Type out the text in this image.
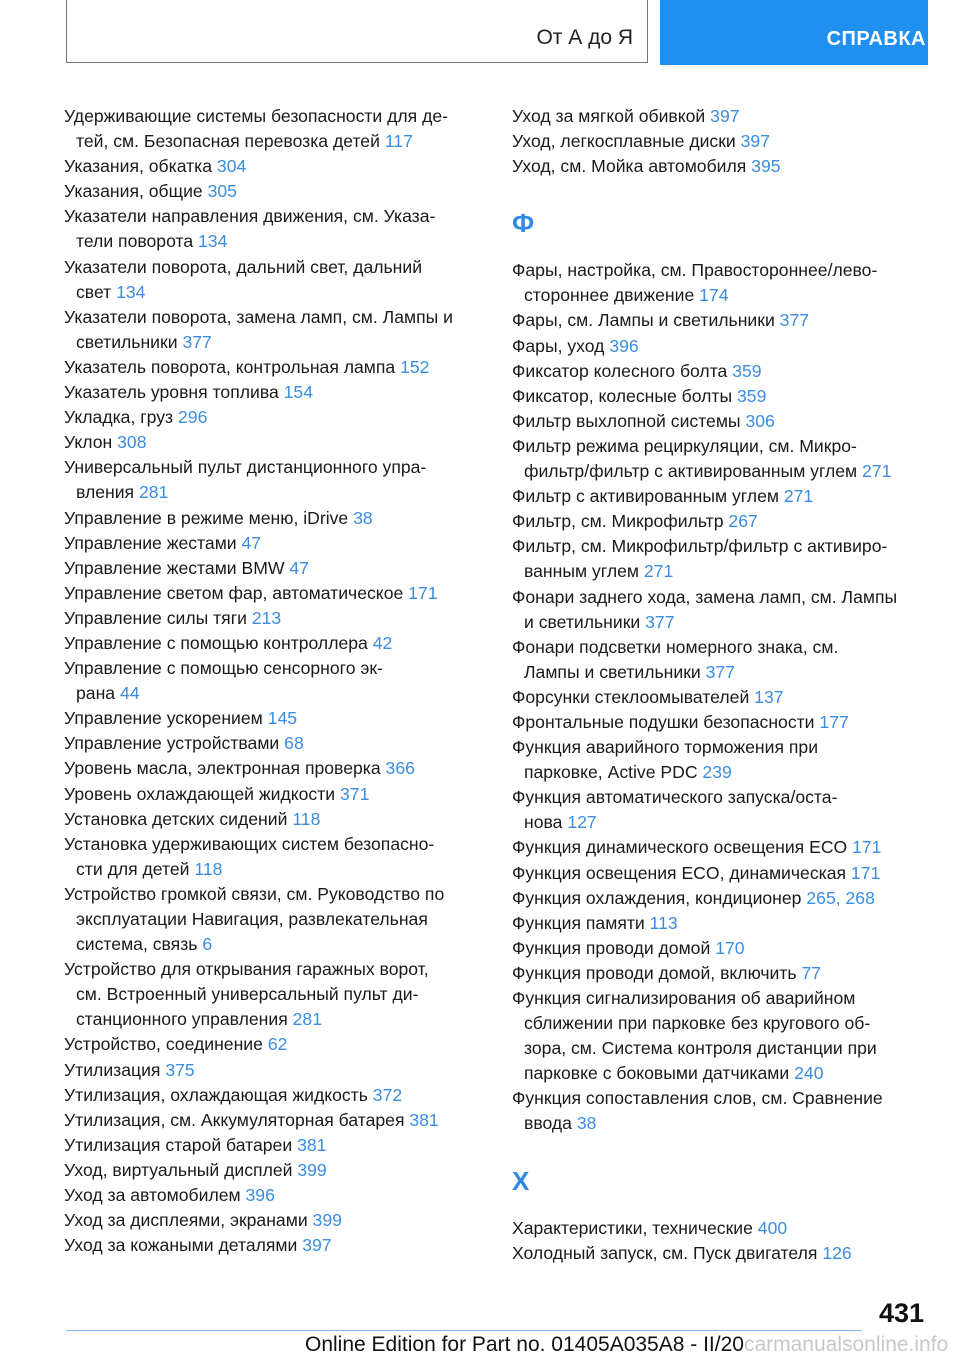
От А до Я	СПРАВКА

Удерживающие системы безопасности для де-
тей, см. Безопасная перевозка детей 117

Указания, обкатка 304

Указания, общие 305

Указатели направления движения, см. Указа-
тели поворота 134

Указатели поворота, дальний свет, дальний
свет 134

Указатели поворота, замена ламп, см. Лампы и
светильники 377

Указатель поворота, контрольная лампа 152

Указатель уровня топлива 154

Укладка, груз 296

Уклон 308

Универсальный пульт дистанционного упра-
вления 281

Управление в режиме меню, iDrive 38

Управление жестами 47

Управление жестами BMW 47

Управление светом фар, автоматическое 171

Управление силы тяги 213

Управление с помощью контроллера 42

Управление с помощью сенсорного эк-
рана 44

Управление ускорением 145

Управление устройствами 68

Уровень масла, электронная проверка 366

Уровень охлаждающей жидкости 371

Установка детских сидений 118

Установка удерживающих систем безопасно-
сти для детей 118

Устройство громкой связи, см. Руководство по
эксплуатации Навигация, развлекательная
система, связь 6

Устройство для открывания гаражных ворот,
см. Встроенный универсальный пульт ди-
станционного управления 281

Устройство, соединение 62

Утилизация 375

Утилизация, охлаждающая жидкость 372

Утилизация, см. Аккумуляторная батарея 381

Утилизация старой батареи 381

Уход, виртуальный дисплей 399

Уход за автомобилем 396

Уход за дисплеями, экранами 399

Уход за кожаными деталями 397

Уход за мягкой обивкой 397

Уход, легкосплавные диски 397

Уход, см. Мойка автомобиля 395

Ф

Фары, настройка, см. Правостороннее/лево-
стороннее движение 174

Фары, см. Лампы и светильники 377

Фары, уход 396

Фиксатор колесного болта 359

Фиксатор, колесные болты 359

Фильтр выхлопной системы 306

Фильтр режима рециркуляции, см. Микро-
фильтр/фильтр с активированным углем 271

Фильтр с активированным углем 271

Фильтр, см. Микрофильтр 267

Фильтр, см. Микрофильтр/фильтр с активиро-
ванным углем 271

Фонари заднего хода, замена ламп, см. Лампы
и светильники 377

Фонари подсветки номерного знака, см.
Лампы и светильники 377

Форсунки стеклоомывателей 137

Фронтальные подушки безопасности 177

Функция аварийного торможения при
парковке, Active PDC 239

Функция автоматического запуска/оста-
нова 127

Функция динамического освещения ECO 171

Функция освещения ECO, динамическая 171

Функция охлаждения, кондиционер 265, 268

Функция памяти 113

Функция проводи домой 170

Функция проводи домой, включить 77

Функция сигнализирования об аварийном
сближении при парковке без кругового об-
зора, см. Система контроля дистанции при
парковке с боковыми датчиками 240

Функция сопоставления слов, см. Сравнение
ввода 38

Х

Характеристики, технические 400

Холодный запуск, см. Пуск двигателя 126

431
Online Edition for Part no. 01405A035A8 - II/20carmanualsonline.info
